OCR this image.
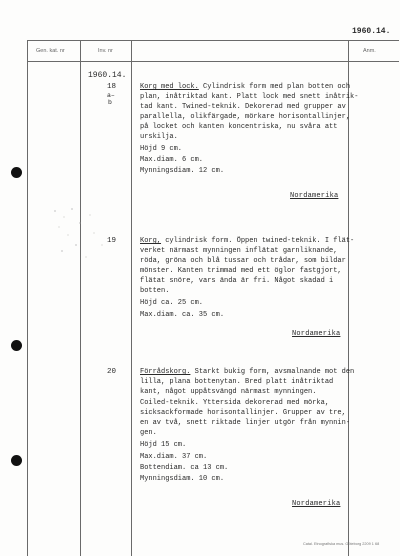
1960.14.
Gen. kat. nr	Inv. nr	Anm.
1960.14.
18
a–
b
Korg med lock. Cylindrisk form med plan botten och
plan, inåtriktad kant. Platt lock med snett inåtrik-
tad kant. Twined-teknik. Dekorerad med grupper av
parallella, olikfärgade, mörkare horisontallinjer,
på locket och kanten koncentriska, nu svåra att
urskilja.
Höjd 9 cm.
Max.diam. 6 cm.
Mynningsdiam. 12 cm.
Nordamerika
19	Korg, cylindrisk form. Öppen twined-teknik. I flät-
verket närmast mynningen inflätat garnliknande,
röda, gröna och blå tussar och trådar, som bildar
mönster. Kanten trimmad med ett öglor fastgjort,
flätat snöre, vars ända är fri. Något skadad i
botten.
Höjd ca. 25 cm.
Max.diam. ca. 35 cm.
Nordamerika
20	Förrådskorg. Starkt bukig form, avsmalnande mot den
lilla, plana bottenytan. Bred platt inåtriktad
kant, något uppåtsvängd närmast mynningen.
Coiled-teknik. Yttersida dekorerad med mörka,
sicksackformade horisontallinjer. Grupper av tre,
en av två, snett riktade linjer utgör från mynnin-
gen.
Höjd 15 cm.
Max.diam. 37 cm.
Bottendiam. ca 13 cm.
Mynningsdiam. 10 cm.
Nordamerika
Catal. Etnografiska mus. Göteborg 2209 1 68
